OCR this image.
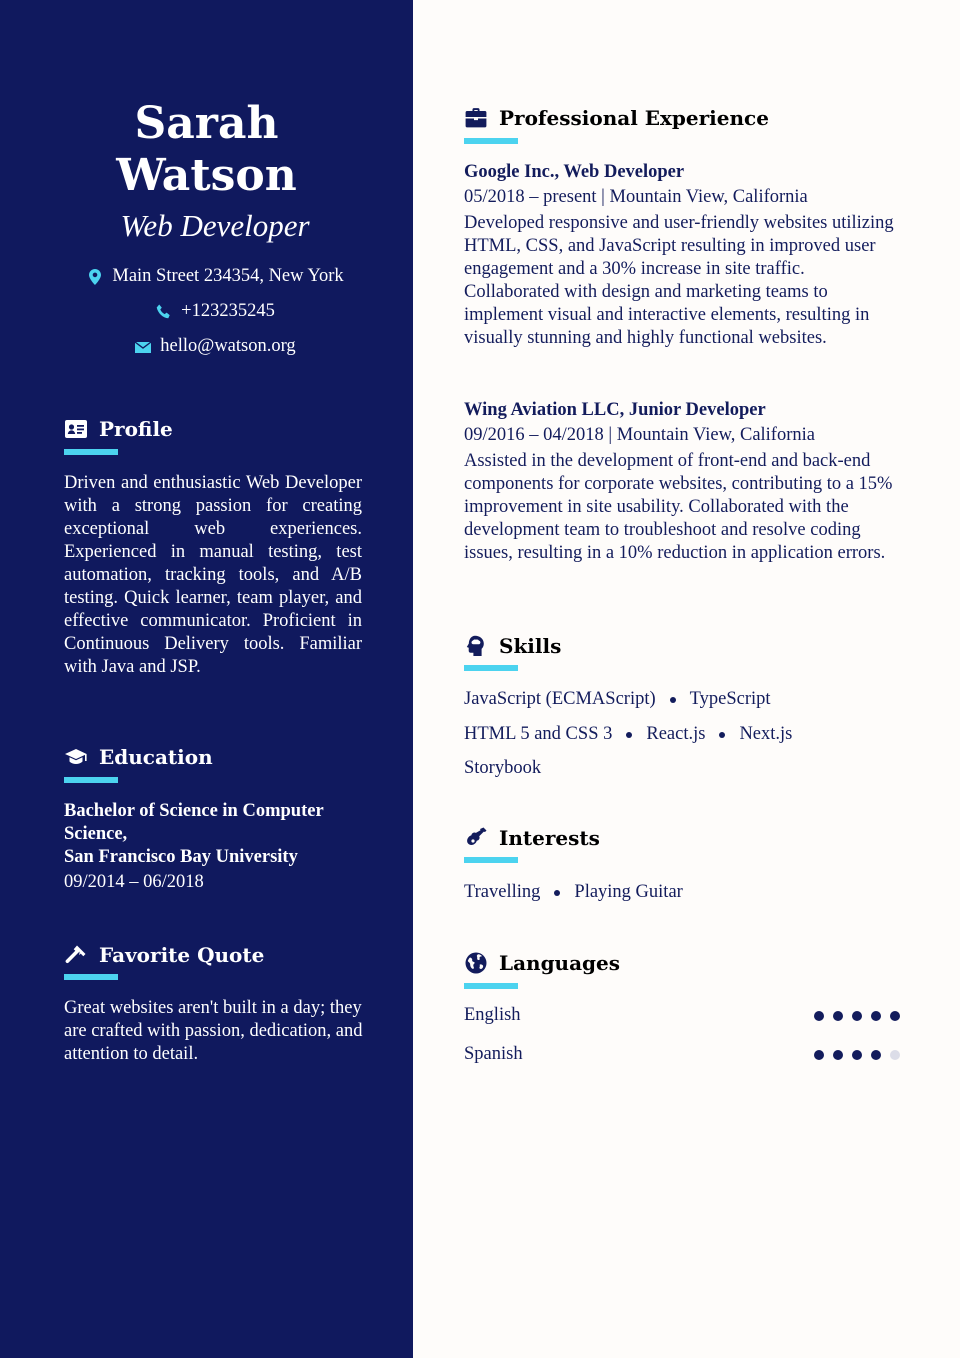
Sarah
Watson
Web Developer
Main Street 234354, New York
+123235245
hello@watson.org
Profile
Driven and enthusiastic Web Developer with a strong passion for creating exceptional web experiences. Experienced in manual testing, test automation, tracking tools, and A/B testing. Quick learner, team player, and effective communicator. Proficient in Continuous Delivery tools. Familiar with Java and JSP.
Education
Bachelor of Science in Computer Science,
San Francisco Bay University
09/2014 – 06/2018
Favorite Quote
Great websites aren't built in a day; they are crafted with passion, dedication, and attention to detail.
Professional Experience
Google Inc., Web Developer
05/2018 – present | Mountain View, California
Developed responsive and user-friendly websites utilizing HTML, CSS, and JavaScript resulting in improved user engagement and a 30% increase in site traffic. Collaborated with design and marketing teams to implement visual and interactive elements, resulting in visually stunning and highly functional websites.
Wing Aviation LLC, Junior Developer
09/2016 – 04/2018 | Mountain View, California
Assisted in the development of front-end and back-end components for corporate websites, contributing to a 15% improvement in site usability. Collaborated with the development team to troubleshoot and resolve coding issues, resulting in a 10% reduction in application errors.
Skills
JavaScript (ECMAScript) TypeScript
HTML 5 and CSS 3 React.js Next.js
Storybook
Interests
Travelling Playing Guitar
Languages
English
Spanish
